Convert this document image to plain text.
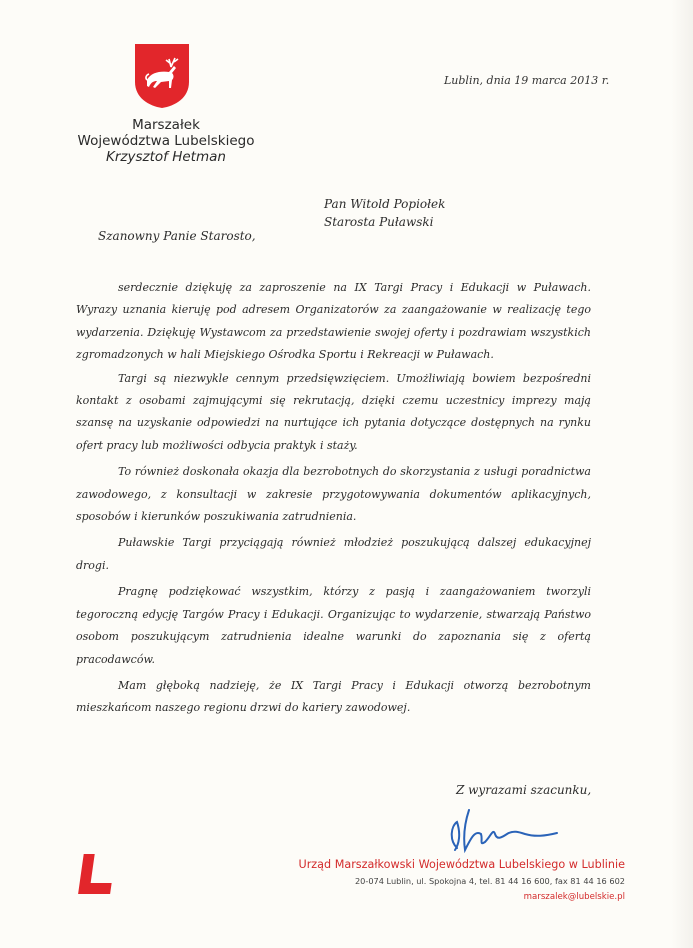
Marszałek
Województwa Lubelskiego
Krzysztof Hetman
Lublin, dnia 19 marca 2013 r.
Pan Witold Popiołek
Starosta Puławski
Szanowny Panie Starosto,

serdecznie dziękuję za zaproszenie na IX Targi Pracy i Edukacji w Puławach. Wyrazy uznania kieruję pod adresem Organizatorów za zaangażowanie w realizację tego wydarzenia. Dziękuję Wystawcom za przedstawienie swojej oferty i pozdrawiam wszystkich zgromadzonych w hali Miejskiego Ośrodka Sportu i Rekreacji w Puławach.

Targi są niezwykle cennym przedsięwzięciem. Umożliwiają bowiem bezpośredni kontakt z osobami zajmującymi się rekrutacją, dzięki czemu uczestnicy imprezy mają szansę na uzyskanie odpowiedzi na nurtujące ich pytania dotyczące dostępnych na rynku ofert pracy lub możliwości odbycia praktyk i staży.

To również doskonała okazja dla bezrobotnych do skorzystania z usługi poradnictwa zawodowego, z konsultacji w zakresie przygotowywania dokumentów aplikacyjnych, sposobów i kierunków poszukiwania zatrudnienia.

Puławskie Targi przyciągają również młodzież poszukującą dalszej edukacyjnej drogi.

Pragnę podziękować wszystkim, którzy z pasją i zaangażowaniem tworzyli tegoroczną edycję Targów Pracy i Edukacji. Organizując to wydarzenie, stwarzają Państwo osobom poszukującym zatrudnienia idealne warunki do zapoznania się z ofertą pracodawców.

Mam głęboką nadzieję, że IX Targi Pracy i Edukacji otworzą bezrobotnym mieszkańcom naszego regionu drzwi do kariery zawodowej.

Z wyrazami szacunku,
Urząd Marszałkowski Województwa Lubelskiego w Lublinie
20-074 Lublin, ul. Spokojna 4, tel. 81 44 16 600, fax 81 44 16 602
marszalek@lubelskie.pl
